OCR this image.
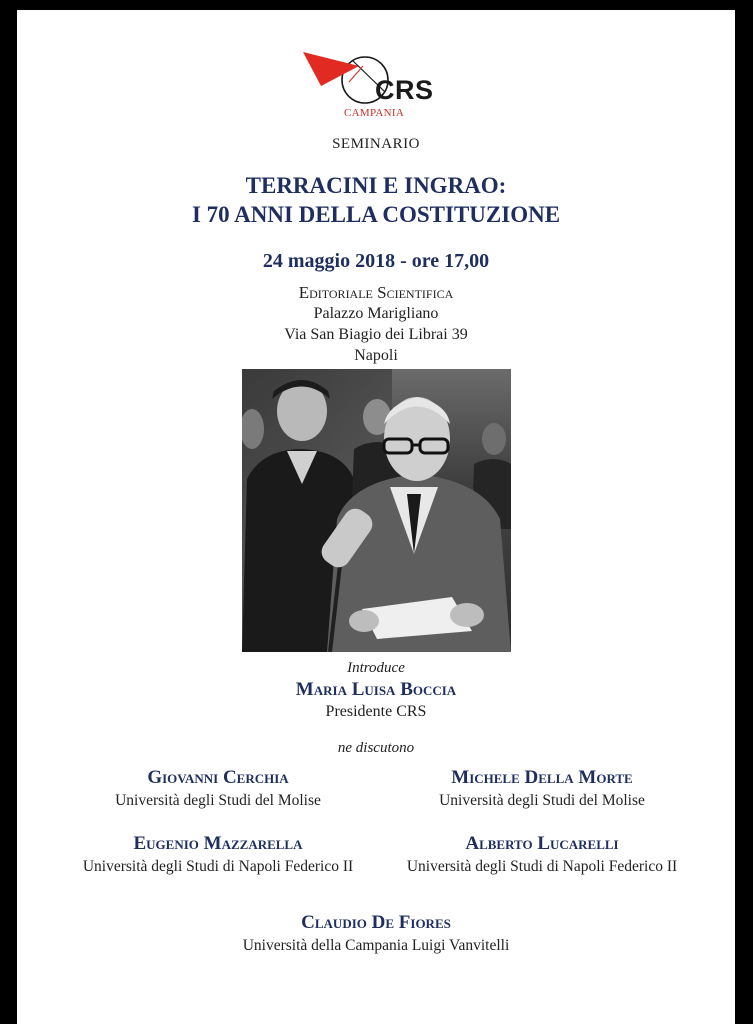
CRS
CAMPANIA
SEMINARIO
TERRACINI E INGRAO:
I 70 ANNI DELLA COSTITUZIONE
24 maggio 2018 - ore 17,00
Editoriale Scientifica
Palazzo Marigliano
Via San Biagio dei Librai 39
Napoli
Introduce
Maria Luisa Boccia
Presidente CRS
ne discutono
Giovanni Cerchia
Università degli Studi del Molise
Michele Della Morte
Università degli Studi del Molise
Eugenio Mazzarella
Università degli Studi di Napoli Federico II
Alberto Lucarelli
Università degli Studi di Napoli Federico II
Claudio De Fiores
Università della Campania Luigi Vanvitelli
